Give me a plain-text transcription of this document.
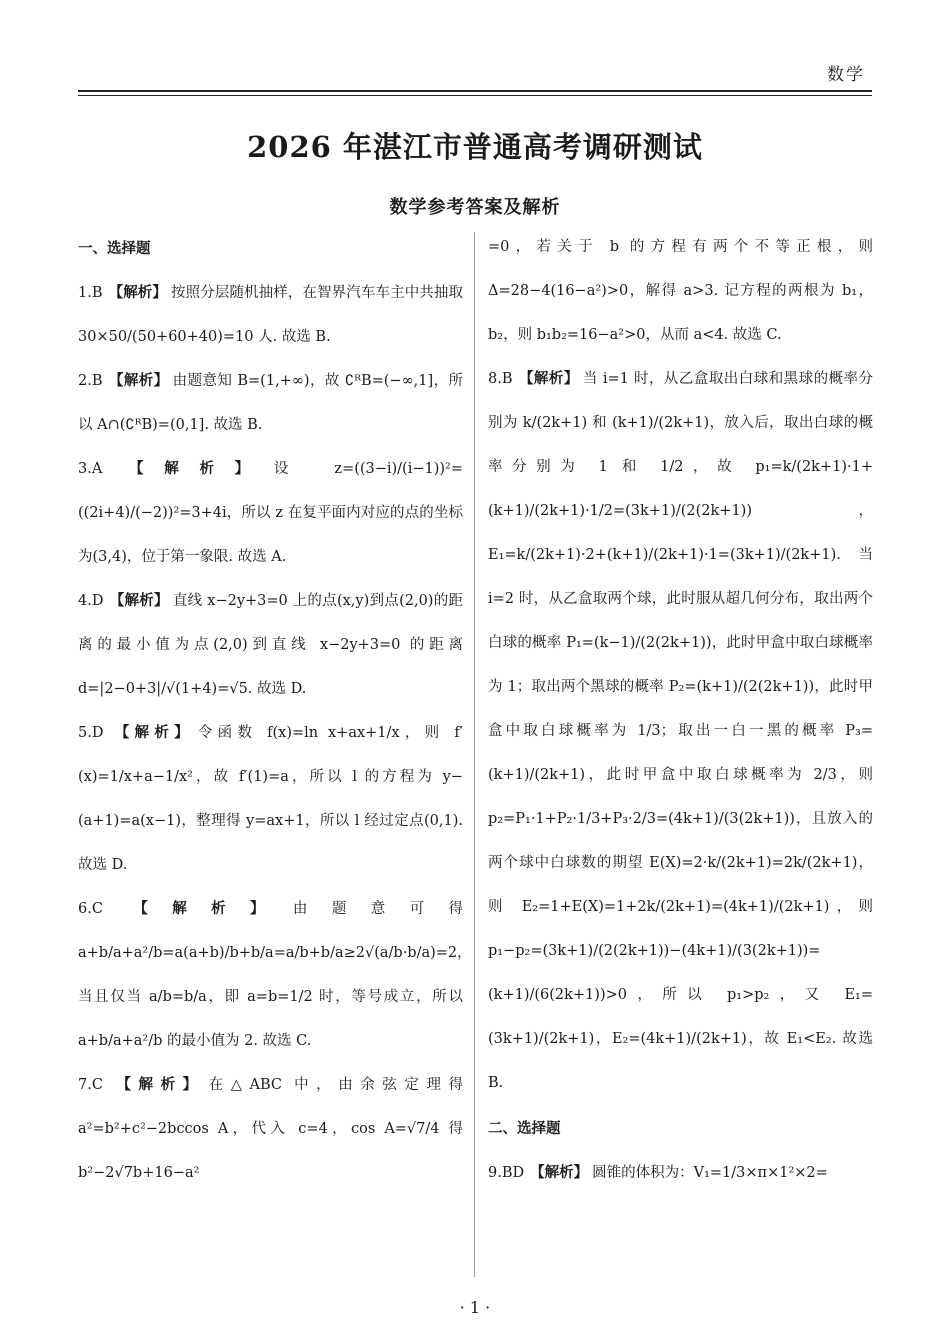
数学
2026 年湛江市普通高考调研测试
数学参考答案及解析
一、选择题
1.B 【解析】 按照分层随机抽样，在智界汽车车主中共抽取 30×50/(50+60+40)=10 人. 故选 B.
2.B 【解析】 由题意知 B=(1,+∞)，故 ∁ᴿB=(−∞,1]，所以 A∩(∁ᴿB)=(0,1]. 故选 B.
3.A 【解析】 设 z=((3−i)/(i−1))²=((2i+4)/(−2))²=3+4i，所以 z 在复平面内对应的点的坐标为(3,4)，位于第一象限. 故选 A.
4.D 【解析】 直线 x−2y+3=0 上的点(x,y)到点(2,0)的距离的最小值为点(2,0)到直线 x−2y+3=0 的距离 d=|2−0+3|/√(1+4)=√5. 故选 D.
5.D 【解析】 令函数 f(x)=ln x+ax+1/x，则 f′(x)=1/x+a−1/x²，故 f′(1)=a，所以 l 的方程为 y−(a+1)=a(x−1)，整理得 y=ax+1，所以 l 经过定点(0,1). 故选 D.
6.C 【解析】 由题意可得 a+b/a+a²/b=a(a+b)/b+b/a=a/b+b/a≥2√(a/b·b/a)=2，当且仅当 a/b=b/a，即 a=b=1/2 时，等号成立，所以 a+b/a+a²/b 的最小值为 2. 故选 C.
7.C 【解析】 在△ABC 中，由余弦定理得 a²=b²+c²−2bccos A，代入 c=4，cos A=√7/4 得 b²−2√7b+16−a²
=0，若关于 b 的方程有两个不等正根，则 Δ=28−4(16−a²)>0，解得 a>3. 记方程的两根为 b₁，b₂，则 b₁b₂=16−a²>0，从而 a<4. 故选 C.
8.B 【解析】 当 i=1 时，从乙盒取出白球和黑球的概率分别为 k/(2k+1) 和 (k+1)/(2k+1)，放入后，取出白球的概率分别为 1 和 1/2，故 p₁=k/(2k+1)·1+(k+1)/(2k+1)·1/2=(3k+1)/(2(2k+1))，E₁=k/(2k+1)·2+(k+1)/(2k+1)·1=(3k+1)/(2k+1). 当 i=2 时，从乙盒取两个球，此时服从超几何分布，取出两个白球的概率 P₁=(k−1)/(2(2k+1))，此时甲盒中取白球概率为 1；取出两个黑球的概率 P₂=(k+1)/(2(2k+1))，此时甲盒中取白球概率为 1/3；取出一白一黑的概率 P₃=(k+1)/(2k+1)，此时甲盒中取白球概率为 2/3，则 p₂=P₁·1+P₂·1/3+P₃·2/3=(4k+1)/(3(2k+1))，且放入的两个球中白球数的期望 E(X)=2·k/(2k+1)=2k/(2k+1)，则 E₂=1+E(X)=1+2k/(2k+1)=(4k+1)/(2k+1)，则 p₁−p₂=(3k+1)/(2(2k+1))−(4k+1)/(3(2k+1))=(k+1)/(6(2k+1))>0，所以 p₁>p₂，又 E₁=(3k+1)/(2k+1)，E₂=(4k+1)/(2k+1)，故 E₁<E₂. 故选 B.
二、选择题
9.BD 【解析】 圆锥的体积为：V₁=1/3×π×1²×2=
· 1 ·
